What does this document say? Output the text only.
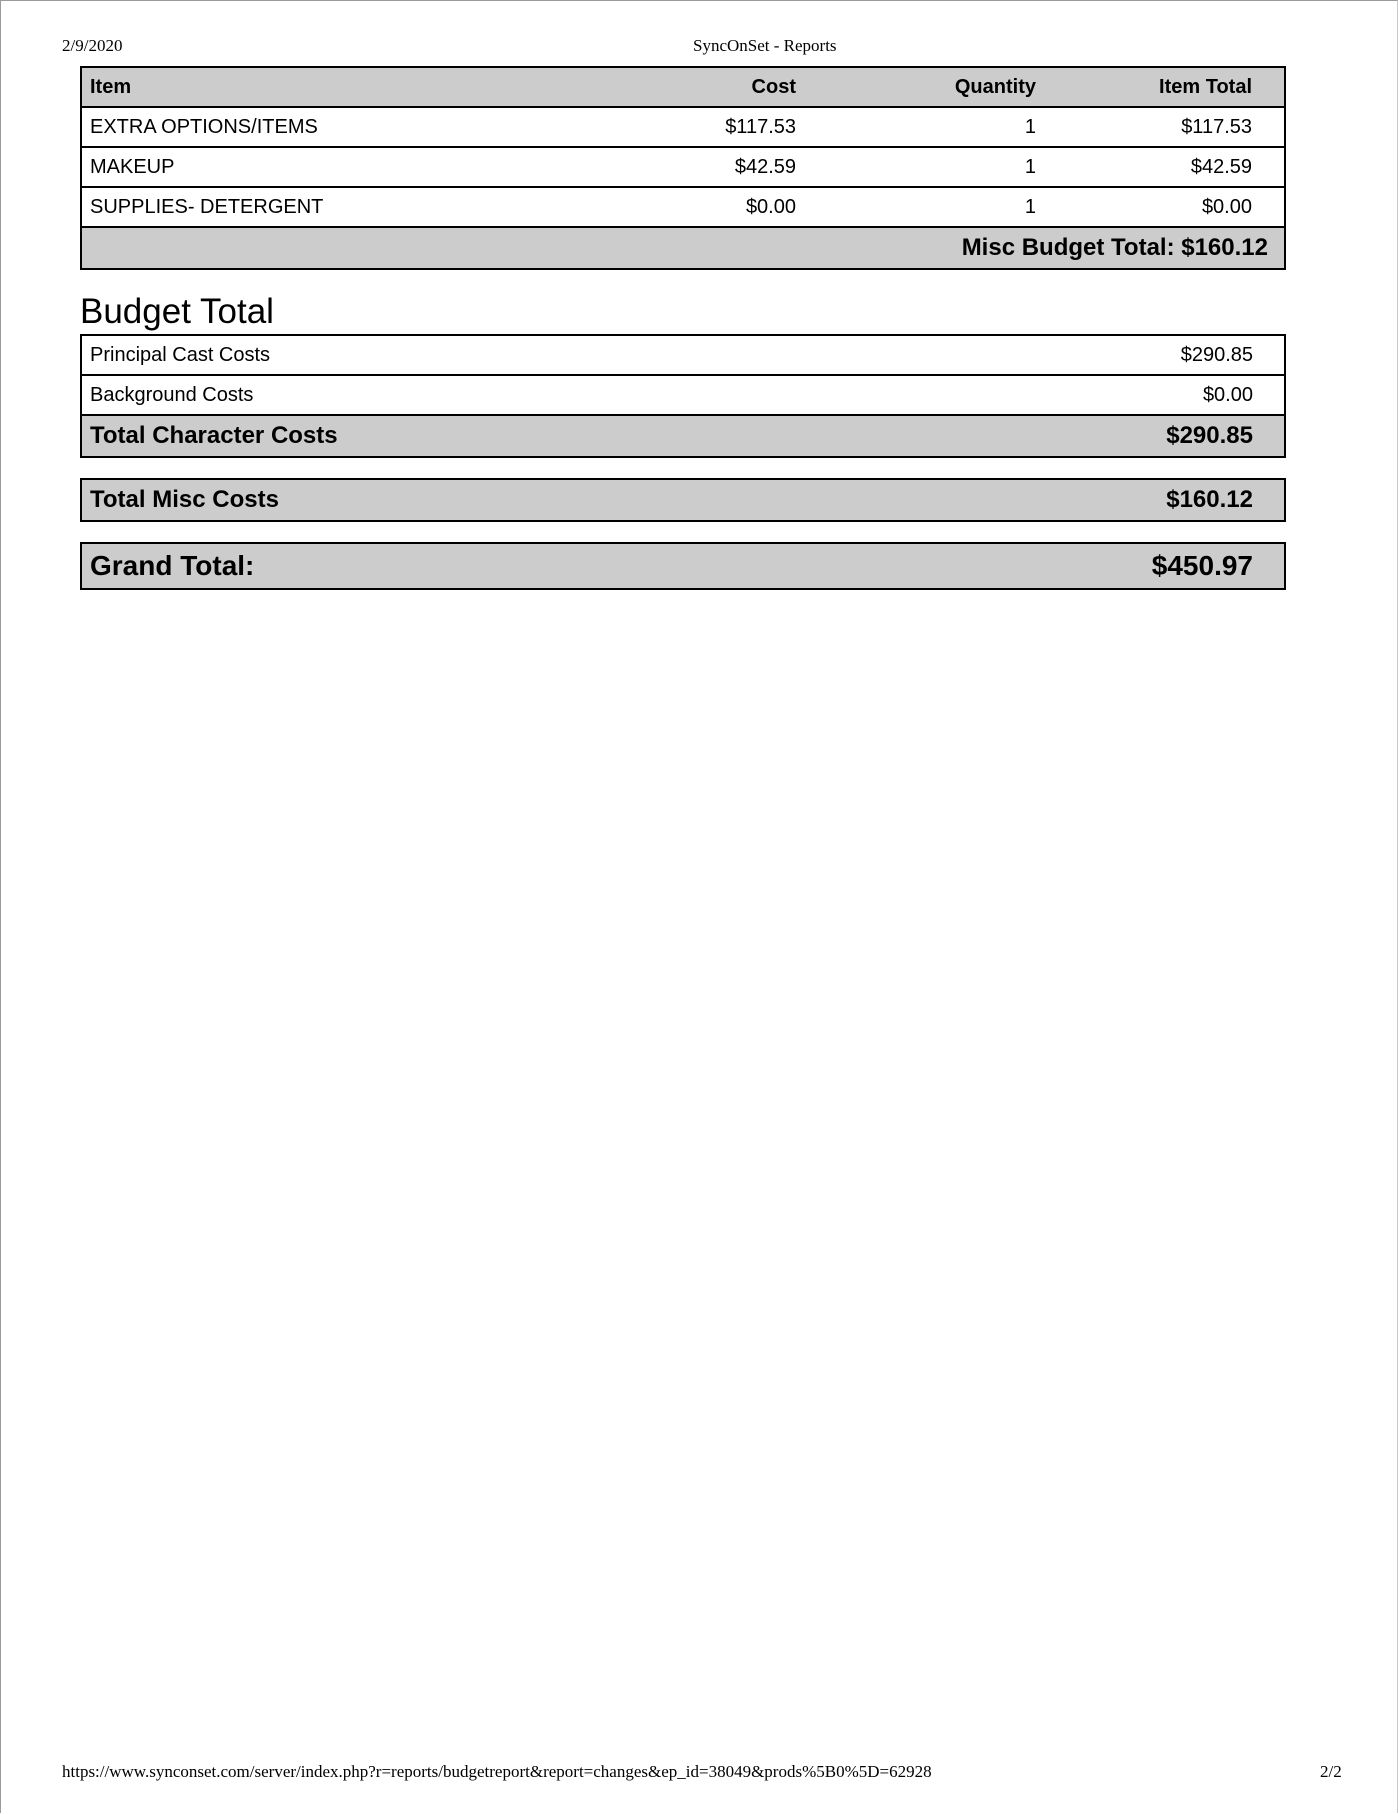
2/9/2020	SyncOnSet - Reports
Item	Cost	Quantity	Item Total
EXTRA OPTIONS/ITEMS	$117.53	1	$117.53
MAKEUP	$42.59	1	$42.59
SUPPLIES- DETERGENT	$0.00	1	$0.00
Misc Budget Total: $160.12			
Budget Total
Principal Cast Costs	$290.85
Background Costs	$0.00
Total Character Costs	$290.85
Total Misc Costs	$160.12
Grand Total:	$450.97
https://www.synconset.com/server/index.php?r=reports/budgetreport&report=changes&ep_id=38049&prods%5B0%5D=62928	2/2
